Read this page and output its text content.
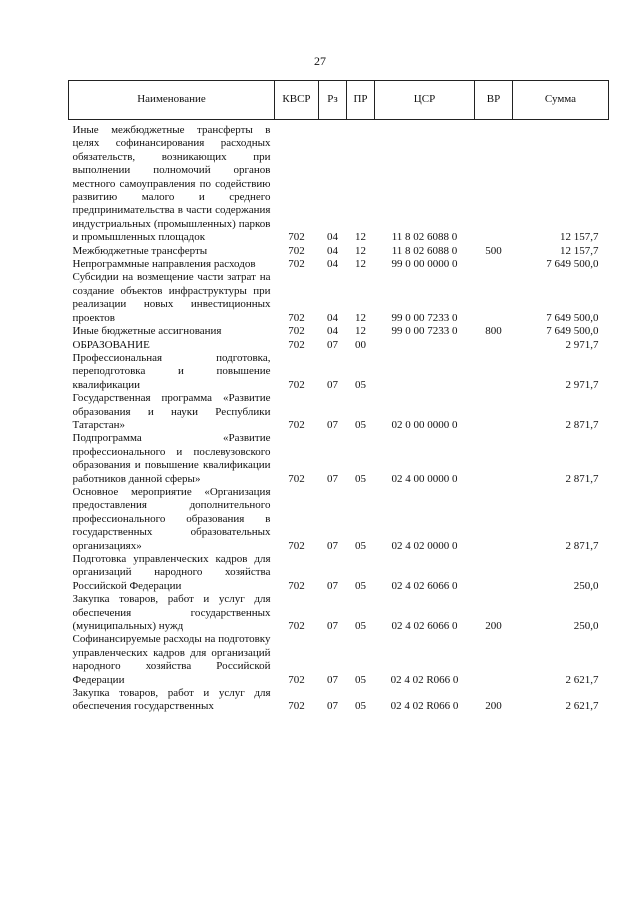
27
Наименование	КВСР	Рз	ПР	ЦСР	ВР	Сумма
Иные межбюджетные трансферты в целях софинансирования расходных обязательств, возникающих при выполнении полномочий органов местного самоуправления по содействию развитию малого и среднего предпринимательства в части содержания индустриальных (промышленных) парков и промышленных площадок	702	04	12	11 8 02 6088 0		12 157,7
Межбюджетные трансферты	702	04	12	11 8 02 6088 0	500	12 157,7
Непрограммные направления расходов	702	04	12	99 0 00 0000 0		7 649 500,0
Субсидии на возмещение части затрат на создание объектов инфраструктуры при реализации новых инвестиционных проектов	702	04	12	99 0 00 7233 0		7 649 500,0
Иные бюджетные ассигнования	702	04	12	99 0 00 7233 0	800	7 649 500,0
ОБРАЗОВАНИЕ	702	07	00			2 971,7
Профессиональная подготовка, переподготовка и повышение квалификации	702	07	05			2 971,7
Государственная программа «Развитие образования и науки Республики Татарстан»	702	07	05	02 0 00 0000 0		2 871,7
Подпрограмма «Развитие профессионального и послевузовского образования и повышение квалификации работников данной сферы»	702	07	05	02 4 00 0000 0		2 871,7
Основное мероприятие «Организация предоставления дополнительного профессионального образования в государственных образовательных организациях»	702	07	05	02 4 02 0000 0		2 871,7
Подготовка управленческих кадров для организаций народного хозяйства Российской Федерации	702	07	05	02 4 02 6066 0		250,0
Закупка товаров, работ и услуг для обеспечения государственных (муниципальных) нужд	702	07	05	02 4 02 6066 0	200	250,0
Софинансируемые расходы на подготовку управленческих кадров для организаций народного хозяйства Российской Федерации	702	07	05	02 4 02 R066 0		2 621,7
Закупка товаров, работ и услуг для обеспечения государственных	702	07	05	02 4 02 R066 0	200	2 621,7
